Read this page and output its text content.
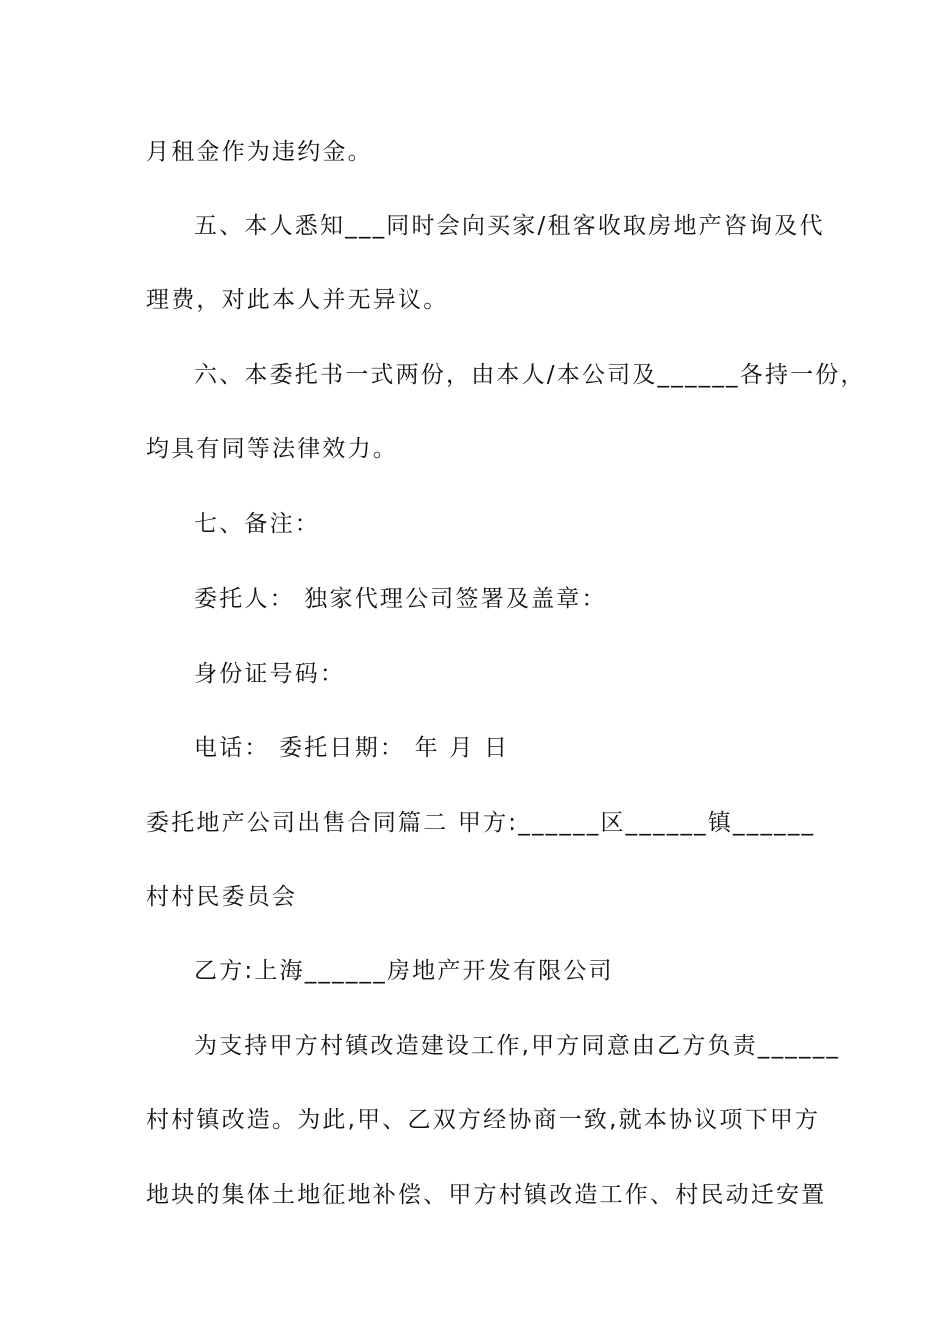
月租金作为违约金。
五、本人悉知___同时会向买家/租客收取房地产咨询及代
理费，对此本人并无异议。
六、本委托书一式两份，由本人/本公司及______各持一份，
均具有同等法律效力。
七、备注：
委托人： 独家代理公司签署及盖章：
身份证号码：
电话： 委托日期： 年 月 日
委托地产公司出售合同篇二 甲方:______区______镇______
村村民委员会
乙方:上海______房地产开发有限公司
为支持甲方村镇改造建设工作,甲方同意由乙方负责______
村村镇改造。为此,甲、乙双方经协商一致,就本协议项下甲方
地块的集体土地征地补偿、甲方村镇改造工作、村民动迁安置
